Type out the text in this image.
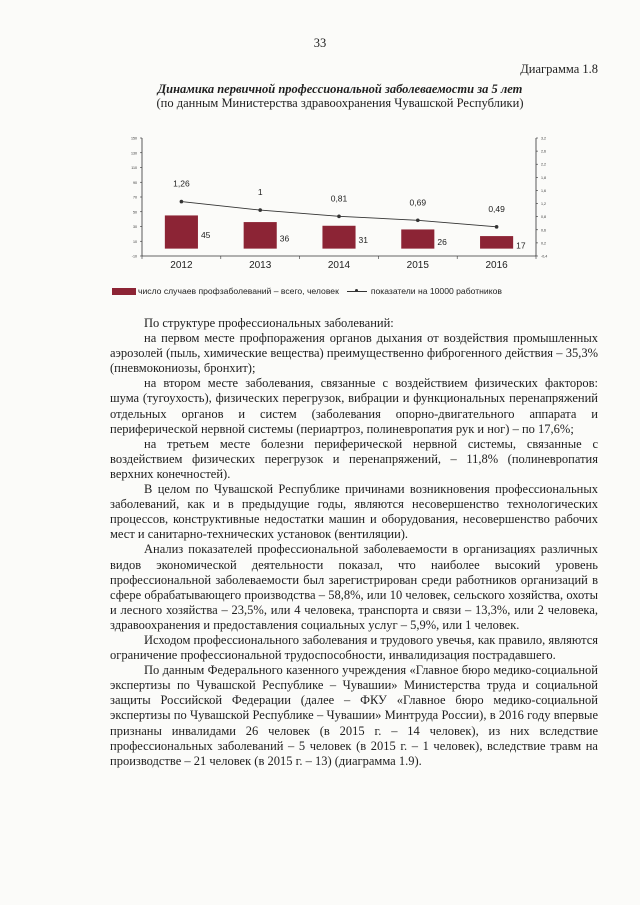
33
Диаграмма 1.8
Динамика первичной профессиональной заболеваемости за 5 лет
(по данным Министерства здравоохранения Чувашской Республики)
-10
10
30
50
70
90
110
130
150
-0,4
0,2
0,6
0,8
1,2
1,6
1,8
2,2
2,6
3,2
2012	2013	2014	2015	2016
45	36	31	26	17
1,26
1
0,81	0,69
0,49
число случаев профзаболеваний – всего, человек	показатели на 10000 работников

По структуре профессиональных заболеваний:

на первом месте профпоражения органов дыхания от воздействия промышленных аэрозолей (пыль, химические вещества) преимущественно фиброгенного действия – 35,3% (пневмокониозы, бронхит);

на втором месте заболевания, связанные с воздействием физических факторов: шума (тугоухость), физических перегрузок, вибрации и функциональных перенапряжений отдельных органов и систем (заболевания опорно-двигательного аппарата и периферической нервной системы (периартроз, полиневропатия рук и ног) – по 17,6%;

на третьем месте болезни периферической нервной системы, связанные с воздействием физических перегрузок и перенапряжений, – 11,8% (полиневропатия верхних конечностей).

В целом по Чувашской Республике причинами возникновения профессиональных заболеваний, как и в предыдущие годы, являются несовершенство технологических процессов, конструктивные недостатки машин и оборудования, несовершенство рабочих мест и санитарно-технических установок (вентиляции).

Анализ показателей профессиональной заболеваемости в организациях различных видов экономической деятельности показал, что наиболее высокий уровень профессиональной заболеваемости был зарегистрирован среди работников организаций в сфере обрабатывающего производства – 58,8%, или 10 человек, сельского хозяйства, охоты и лесного хозяйства – 23,5%, или 4 человека, транспорта и связи – 13,3%, или 2 человека, здравоохранения и предоставления социальных услуг – 5,9%, или 1 человек.

Исходом профессионального заболевания и трудового увечья, как правило, являются ограничение профессиональной трудоспособности, инвалидизация пострадавшего.

По данным Федерального казенного учреждения «Главное бюро медико-социальной экспертизы по Чувашской Республике – Чувашии» Министерства труда и социальной защиты Российской Федерации (далее – ФКУ «Главное бюро медико-социальной экспертизы по Чувашской Республике – Чувашии» Минтруда России), в 2016 году впервые признаны инвалидами 26 человек (в 2015 г. – 14 человек), из них вследствие профессиональных заболеваний – 5 человек (в 2015 г. – 1 человек), вследствие травм на производстве – 21 человек (в 2015 г. – 13) (диаграмма 1.9).
